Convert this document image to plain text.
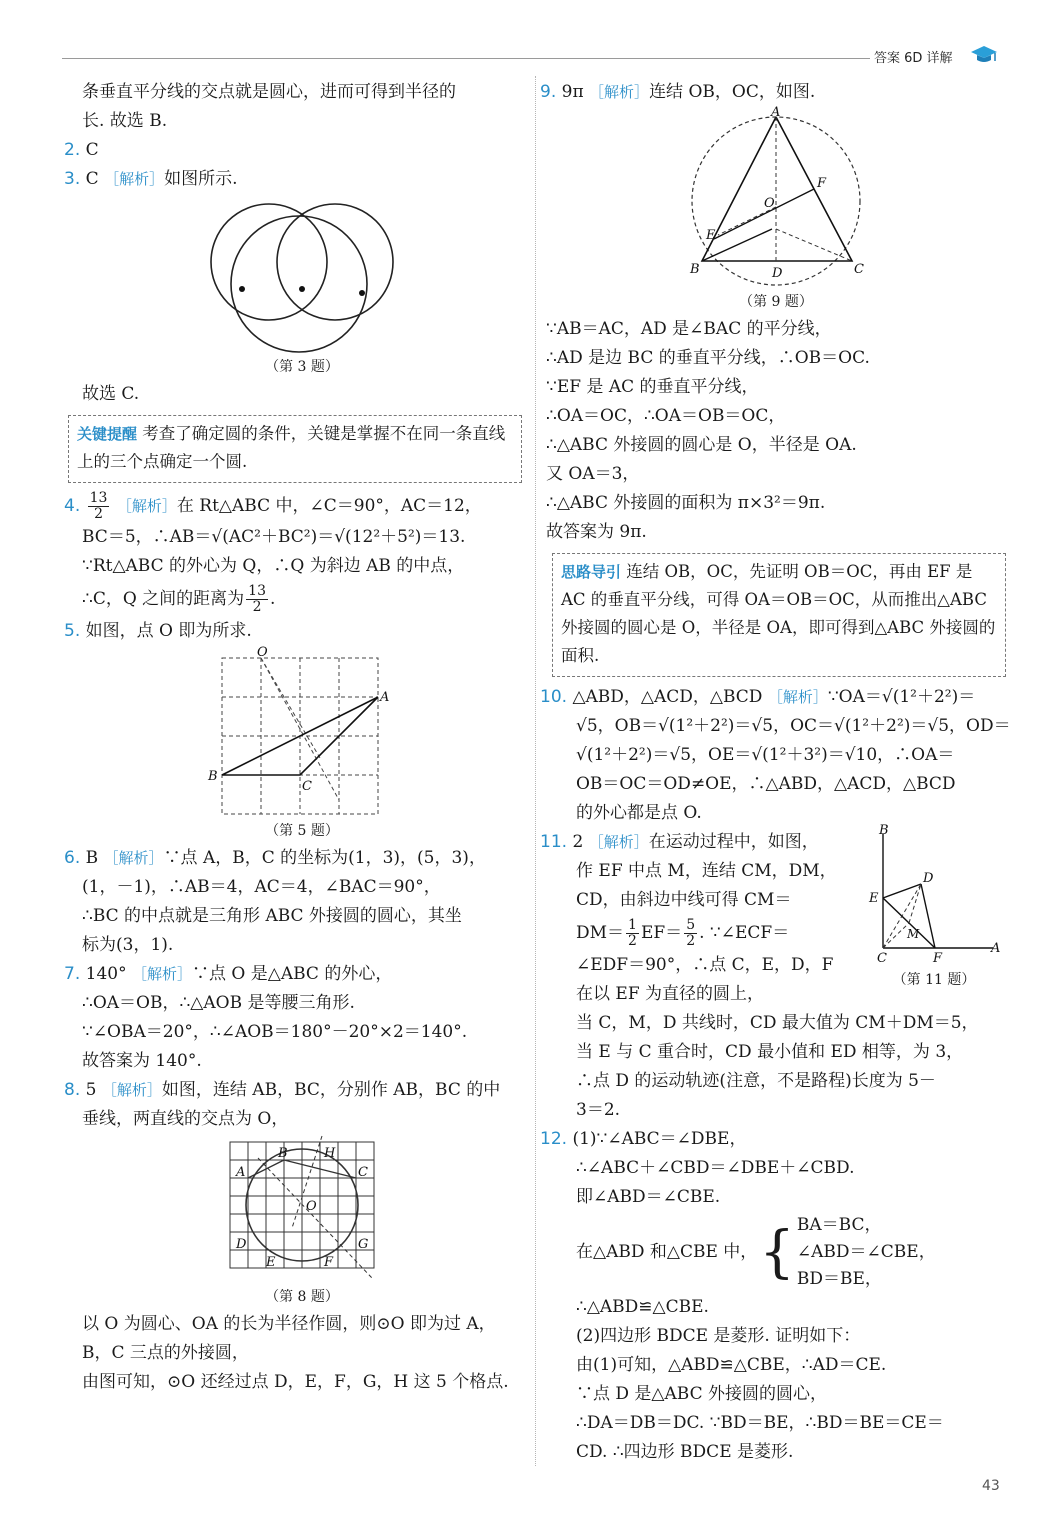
答案 6D 详解

条垂直平分线的交点就是圆心，进而可得到半径的

长. 故选 B.

2. C

3. C ［解析］如图所示.

（第 3 题）

故选 C.

关键提醒 考查了确定圆的条件，关键是掌握不在同一条直线上的三个点确定一个圆.

4. $\frac{13}{2}$ ［解析］在 Rt△ABC 中，∠C＝90°，AC＝12，

BC＝5，∴AB＝√(AC²＋BC²)＝√(12²＋5²)＝13.

∵Rt△ABC 的外心为 Q，∴Q 为斜边 AB 的中点，

∴C，Q 之间的距离为 $\frac{13}{2}$ .

5. 如图，点 O 即为所求.

O
A
B
C
（第 5 题）

6. B ［解析］∵点 A，B，C 的坐标为(1，3)，(5，3)，

(1，－1)，∴AB＝4，AC＝4，∠BAC＝90°，

∴BC 的中点就是三角形 ABC 外接圆的圆心，其坐

标为(3，1).

7. 140° ［解析］∵点 O 是△ABC 的外心，

∴OA＝OB，∴△AOB 是等腰三角形.

∵∠OBA＝20°，∴∠AOB＝180°－20°×2＝140°.

故答案为 140°.

8. 5 ［解析］如图，连结 AB，BC，分别作 AB，BC 的中

垂线，两直线的交点为 O，

A
B	H
C
O
D	G
E	F
（第 8 题）

以 O 为圆心、OA 的长为半径作圆，则⊙O 即为过 A，

B，C 三点的外接圆，

由图可知，⊙O 还经过点 D，E，F，G，H 这 5 个格点.

9. 9π ［解析］连结 OB，OC，如图.

A
F
O
E
B	D	C
（第 9 题）

∵AB＝AC，AD 是∠BAC 的平分线，

∴AD 是边 BC 的垂直平分线，∴OB＝OC.

∵EF 是 AC 的垂直平分线，

∴OA＝OC，∴OA＝OB＝OC，

∴△ABC 外接圆的圆心是 O，半径是 OA.

又 OA＝3，

∴△ABC 外接圆的面积为 π×3²＝9π.

故答案为 9π.

思路导引 连结 OB，OC，先证明 OB＝OC，再由 EF 是 AC 的垂直平分线，可得 OA＝OB＝OC，从而推出△ABC 外接圆的圆心是 O，半径是 OA，即可得到△ABC 外接圆的面积.

10. △ABD，△ACD，△BCD ［解析］∵OA＝√(1²＋2²)＝

√5，OB＝√(1²＋2²)＝√5，OC＝√(1²＋2²)＝√5，OD＝

√(1²＋2²)＝√5，OE＝√(1²＋3²)＝√10，∴OA＝

OB＝OC＝OD≠OE，∴△ABD，△ACD，△BCD

的外心都是点 O.

11. 2 ［解析］在运动过程中，如图，

作 EF 中点 M，连结 CM，DM，

CD，由斜边中线可得 CM＝

$DM= \frac{1}{2} EF= \frac{5}{2}$ . ∵∠ECF＝

∠EDF＝90°，∴点 C，E，D，F

在以 EF 为直径的圆上，

当 C，M，D 共线时，CD 最大值为 CM＋DM＝5，

当 E 与 C 重合时，CD 最小值和 ED 相等，为 3，

∴点 D 的运动轨迹(注意，不是路程)长度为 5－

3＝2.

B
D
E
M
C	F
A
（第 11 题）

12. (1)∵∠ABC＝∠DBE，

∴∠ABC＋∠CBD＝∠DBE＋∠CBD.

即∠ABD＝∠CBE.

在△ABD 和△CBE 中， { BA＝BC，
∠ABD＝∠CBE，
BD＝BE，

∴△ABD≌△CBE.

(2)四边形 BDCE 是菱形. 证明如下：

由(1)可知，△ABD≌△CBE，∴AD＝CE.

∵点 D 是△ABC 外接圆的圆心，

∴DA＝DB＝DC. ∵BD＝BE，∴BD＝BE＝CE＝

CD. ∴四边形 BDCE 是菱形.

43
